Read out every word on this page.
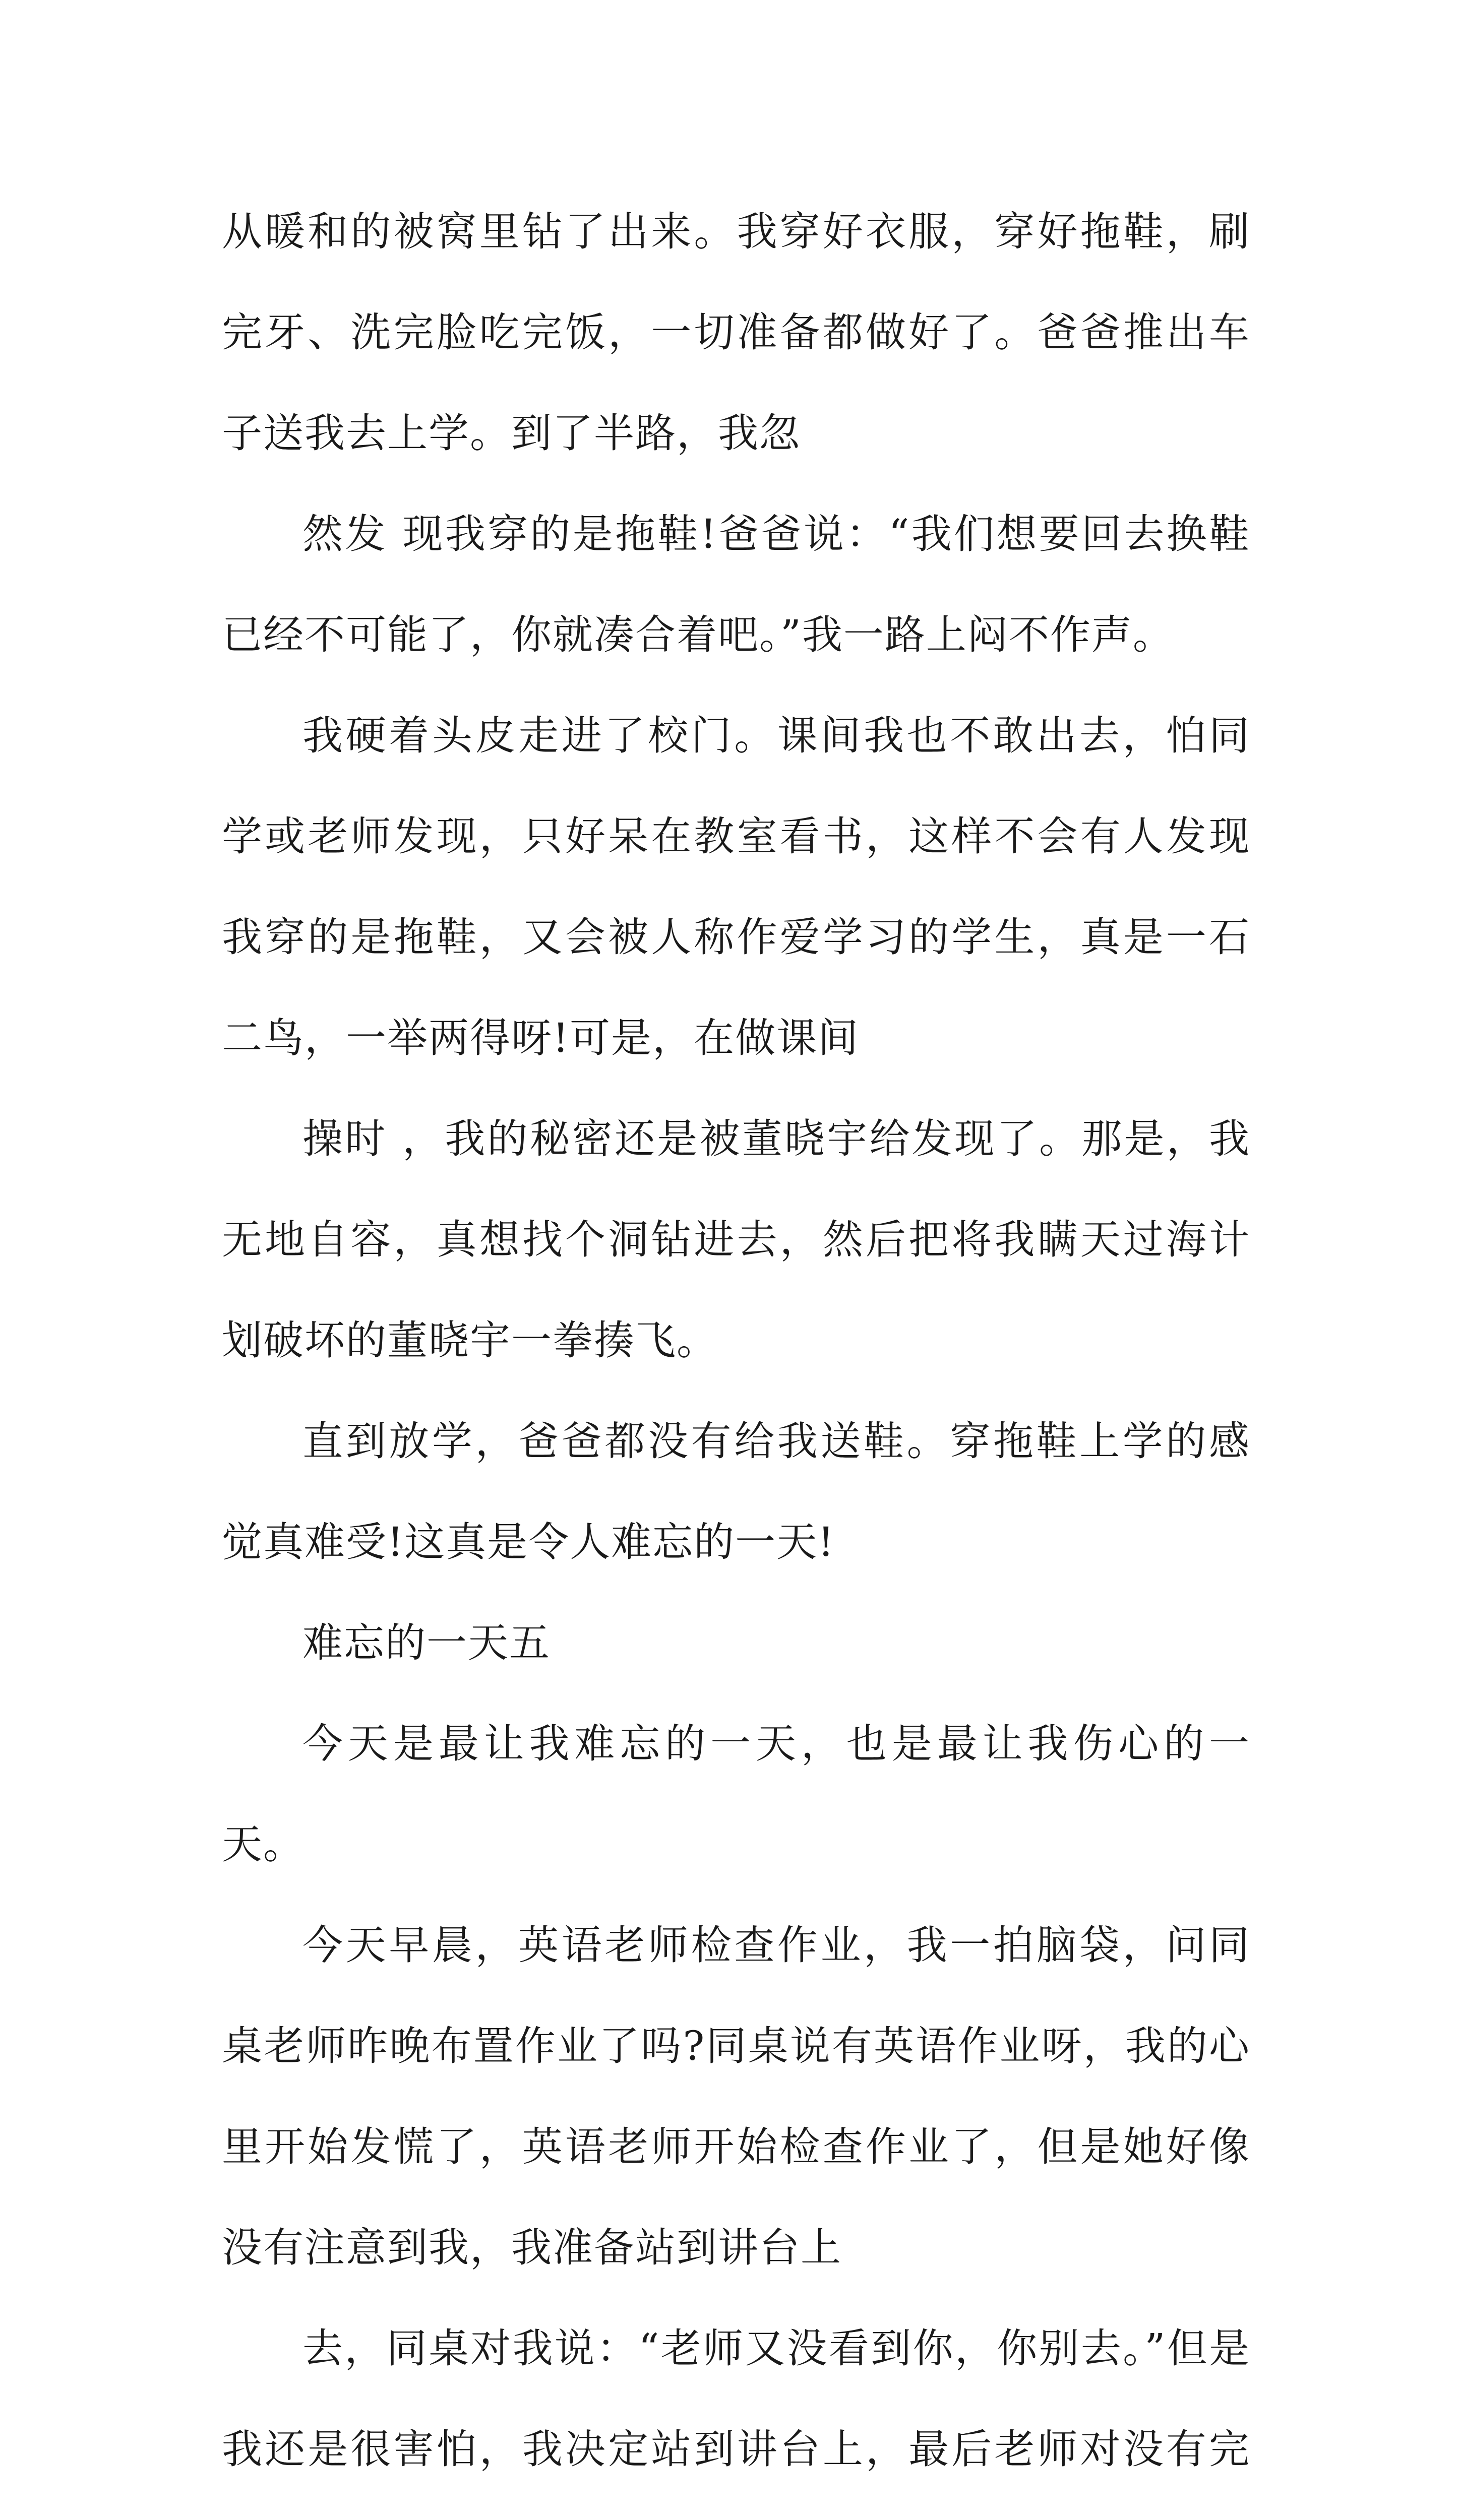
从暖和的被窝里钻了出来。我穿好衣服，穿好拖鞋，刷完牙、洗完脸吃完饭，一切准备都做好了。爸爸推出车子送我去上学。到了半路，我忽

然发 现我穿的是拖鞋!爸爸说：“我们想要回去换鞋已经不可能了，你就凑合着吧。”我一路上闷不作声。

我硬着头皮走进了校门。课间我也不敢出去，怕同学或老师发现，只好呆在教室看书，这样不会有人发现我穿的是拖鞋，又会被人称作爱学习的学生，真是一石二鸟，一举两得呀!可是，在做课间

操时 ，我的秘密还是被董晓宇给发现了。那是，我无地自容，真想找个洞钻进去，然后把将我瞒天过海计划破坏的董晓宇一拳揍飞。

直到放学，爸爸都没有给我送鞋。穿拖鞋上学的感觉真难受!这真是令人难忘的一天!

难忘的一天五

今天是最让我难忘的一天，也是最让我伤心的一天。

今天早晨，英语老师检查作业，我一拍脑袋，问同桌老师昨晚布置作业了吗?同桌说有英语作业呀，我的心里开始发慌了，英语老师开始检查作业了，但是她好像没有注意到我，我准备站到讲台上

去，同桌对我说：“老师又没看到你，你别去。”但是我还是很害怕，我决定站到讲台上，最后老师对没有完
